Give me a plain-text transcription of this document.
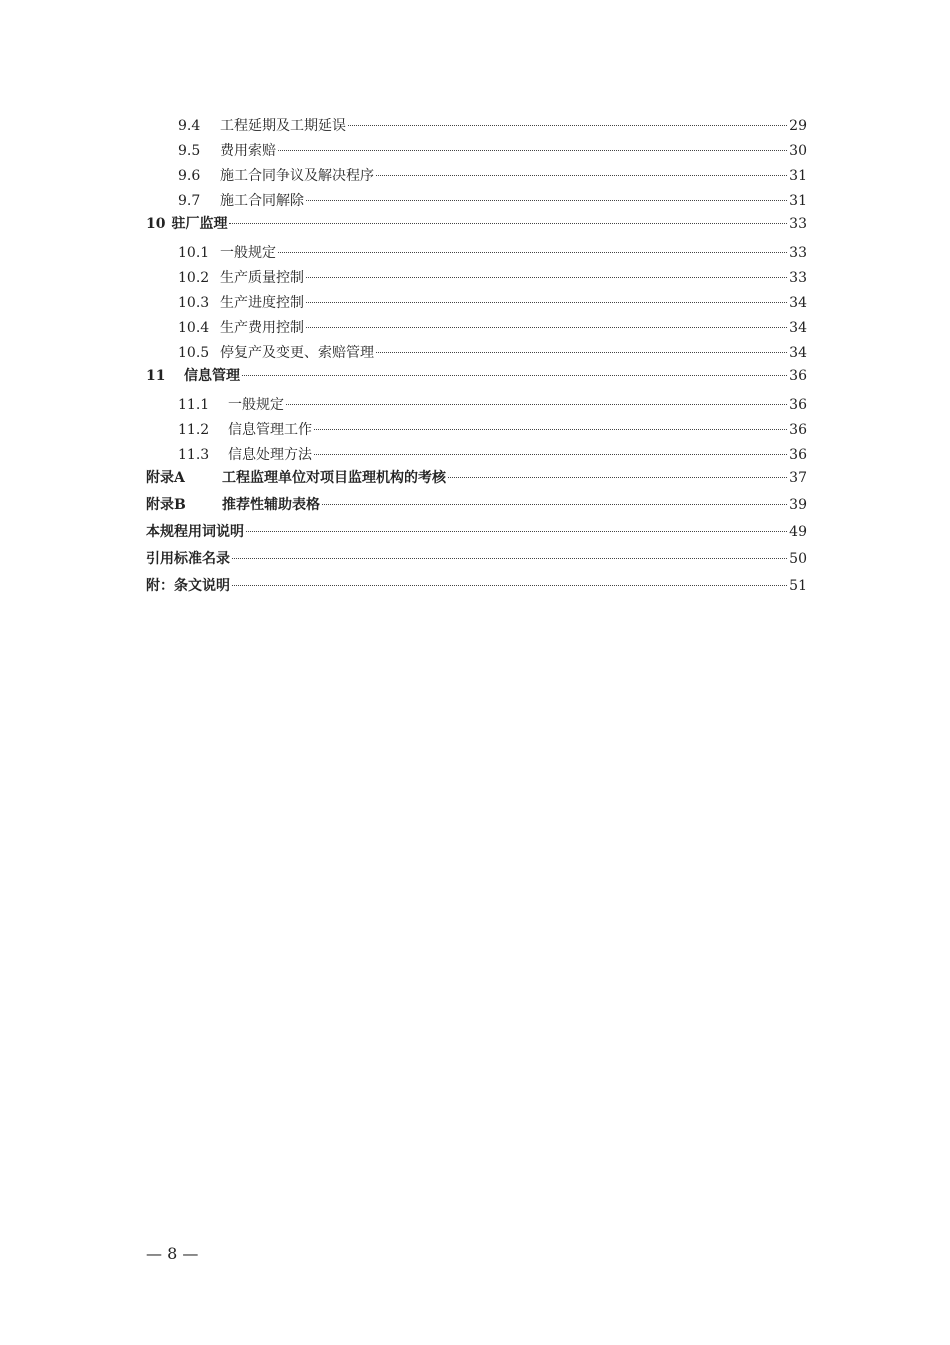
9.4	工程延期及工期延误	29
9.5	费用索赔	30
9.6	施工合同争议及解决程序	31
9.7	施工合同解除	31
10 驻厂监理	33
10.1 一般规定	33
10.2 生产质量控制	33
10.3 生产进度控制	34
10.4 生产费用控制	34
10.5 停复产及变更、索赔管理	34
11	信息管理	36
11.1	一般规定	36
11.2	信息管理工作	36
11.3	信息处理方法	36
附录A	工程监理单位对项目监理机构的考核	37
附录B	推荐性辅助表格	39
本规程用词说明	49
引用标准名录	50
附：条文说明	51
— 8 —
